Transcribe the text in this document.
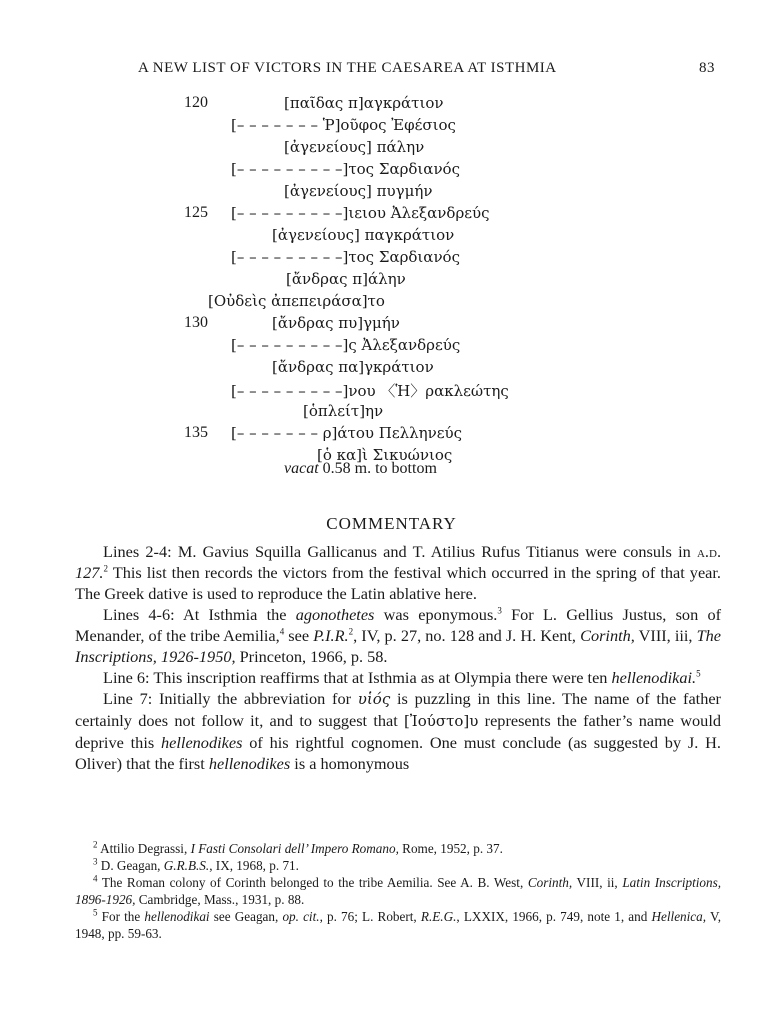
A NEW LIST OF VICTORS IN THE CAESAREA AT ISTHMIA	83
120
125
130
135
[παῖδας π]αγκράτιον
[– – – – – – – Ῥ]οῦφος Ἐφέσιος
[ἀγενείους] πάλην
[– – – – – – – – –]τος Σαρδιανός
[ἀγενείους] πυγμήν
[– – – – – – – – –]ιειου Ἀλεξανδρεύς
[ἀγενείους] παγκράτιον
[– – – – – – – – –]τος Σαρδιανός
[ἄνδρας π]άλην
[Οὐδεὶς ἀπεπειράσα]το
[ἄνδρας πυ]γμήν
[– – – – – – – – –]ς Ἀλεξανδρεύς
[ἄνδρας πα]γκράτιον
[– – – – – – – – –]νου 〈Ἡ〉ρακλεώτης
[ὁπλείτ]ην
[– – – – – – – ρ]άτου Πελληνεύς
[ὁ κα]ὶ Σικυώνιος
vacat 0.58 m. to bottom
COMMENTARY

Lines 2-4: M. Gavius Squilla Gallicanus and T. Atilius Rufus Titianus were consuls in a.d. 127.$^2$ This list then records the victors from the festival which occurred in the spring of that year. The Greek dative is used to reproduce the Latin ablative here.

Lines 4-6: At Isthmia the agonothetes was eponymous.$^3$ For L. Gellius Justus, son of Menander, of the tribe Aemilia,$^4$ see P.I.R.$^2$, IV, p. 27, no. 128 and J. H. Kent, Corinth, VIII, iii, The Inscriptions, 1926-1950, Princeton, 1966, p. 58.

Line 6: This inscription reaffirms that at Isthmia as at Olympia there were ten hellenodikai.$^5$

Line 7: Initially the abbreviation for υἱός is puzzling in this line. The name of the father certainly does not follow it, and to suggest that [Ἰούστο]υ represents the father’s name would deprive this hellenodikes of his rightful cognomen. One must conclude (as suggested by J. H. Oliver) that the first hellenodikes is a homonymous

$^2$ Attilio Degrassi, I Fasti Consolari dell’ Impero Romano, Rome, 1952, p. 37.

$^3$ D. Geagan, G.R.B.S., IX, 1968, p. 71.

$^4$ The Roman colony of Corinth belonged to the tribe Aemilia. See A. B. West, Corinth, VIII, ii, Latin Inscriptions, 1896-1926, Cambridge, Mass., 1931, p. 88.

$^5$ For the hellenodikai see Geagan, op. cit., p. 76; L. Robert, R.E.G., LXXIX, 1966, p. 749, note 1, and Hellenica, V, 1948, pp. 59-63.
